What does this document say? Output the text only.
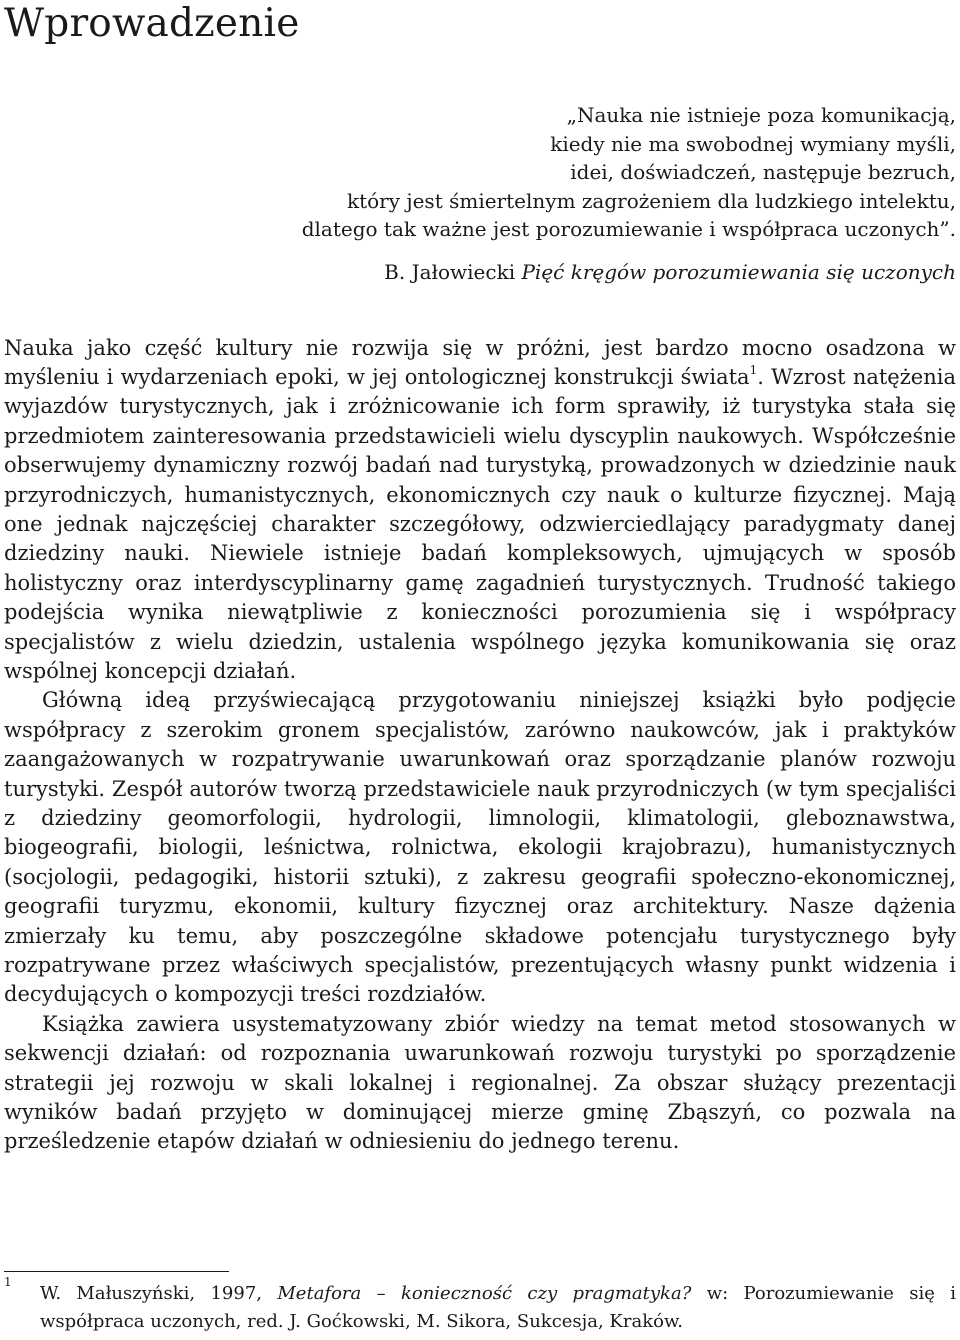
Wprowadzenie
„Nauka nie istnieje poza komunikacją,
kiedy nie ma swobodnej wymiany myśli,
idei, doświadczeń, następuje bezruch,
który jest śmiertelnym zagrożeniem dla ludzkiego intelektu,
dlatego tak ważne jest porozumiewanie i współpraca uczonych”.
B. Jałowiecki Pięć kręgów porozumiewania się uczonych

Nauka jako część kultury nie rozwija się w próżni, jest bardzo mocno osadzona w myśleniu i wydarzeniach epoki, w jej ontologicznej konstrukcji świata$^1$. Wzrost natężenia wyjazdów turystycznych, jak i zróżnicowanie ich form sprawiły, iż turystyka stała się przedmiotem zainteresowania przedstawicieli wielu dyscyplin naukowych. Współcześnie obserwujemy dynamiczny rozwój badań nad turystyką, prowadzonych w dziedzinie nauk przyrodniczych, humanistycznych, ekonomicznych czy nauk o kulturze fizycznej. Mają one jednak najczęściej charakter szczegółowy, odzwierciedlający paradygmaty danej dziedziny nauki. Niewiele istnieje badań kompleksowych, ujmujących w sposób holistyczny oraz interdyscyplinarny gamę zagadnień turystycznych. Trudność takiego podejścia wynika niewątpliwie z konieczności porozumienia się i współpracy specjalistów z wielu dziedzin, ustalenia wspólnego języka komunikowania się oraz wspólnej koncepcji działań.

Główną ideą przyświecającą przygotowaniu niniejszej książki było podjęcie współpracy z szerokim gronem specjalistów, zarówno naukowców, jak i praktyków zaangażowanych w rozpatrywanie uwarunkowań oraz sporządzanie planów rozwoju turystyki. Zespół autorów tworzą przedstawiciele nauk przyrodniczych (w tym specjaliści z dziedziny geomorfologii, hydrologii, limnologii, klimatologii, gleboznawstwa, biogeografii, biologii, leśnictwa, rolnictwa, ekologii krajobrazu), humanistycznych (socjologii, pedagogiki, historii sztuki), z zakresu geografii społeczno-ekonomicznej, geografii turyzmu, ekonomii, kultury fizycznej oraz architektury. Nasze dążenia zmierzały ku temu, aby poszczególne składowe potencjału turystycznego były rozpatrywane przez właściwych specjalistów, prezentujących własny punkt widzenia i decydujących o kompozycji treści rozdziałów.

Książka zawiera usystematyzowany zbiór wiedzy na temat metod stosowanych w sekwencji działań: od rozpoznania uwarunkowań rozwoju turystyki po sporządzenie strategii jej rozwoju w skali lokalnej i regionalnej. Za obszar służący prezentacji wyników badań przyjęto w dominującej mierze gminę Zbąszyń, co pozwala na prześledzenie etapów działań w odniesieniu do jednego terenu.

1
W. Małuszyński, 1997, Metafora – konieczność czy pragmatyka? w: Porozumiewanie się i współpraca uczonych, red. J. Goćkowski, M. Sikora, Sukcesja, Kraków.
